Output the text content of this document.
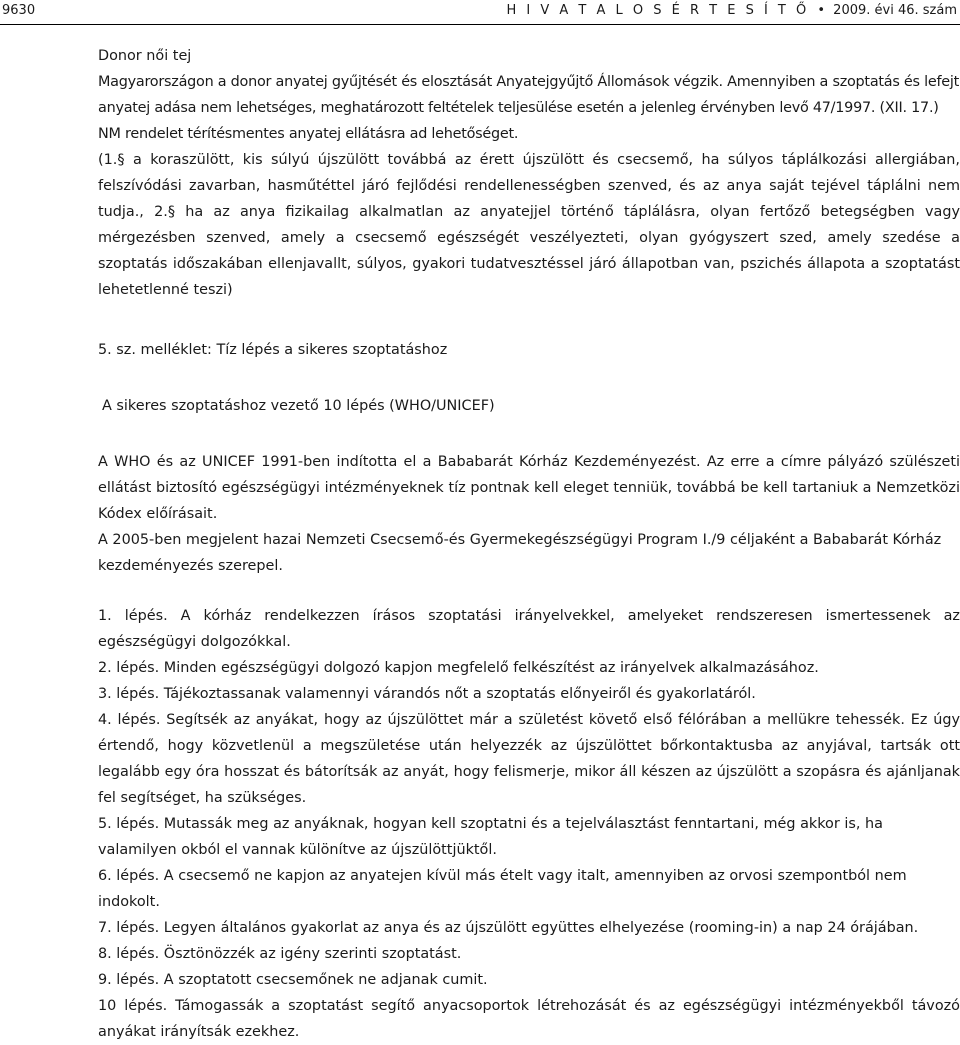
9630	H I V A T A L O S É R T E S Í T Ő • 2009. évi 46. szám

Donor női tej

Magyarországon a donor anyatej gyűjtését és elosztását Anyatejgyűjtő Állomások végzik. Amennyiben a szoptatás és lefejt anyatej adása nem lehetséges, meghatározott feltételek teljesülése esetén a jelenleg érvényben levő 47/1997. (XII. 17.) NM rendelet térítésmentes anyatej ellátásra ad lehetőséget.

(1.§ a koraszülött, kis súlyú újszülött továbbá az érett újszülött és csecsemő, ha súlyos táplálkozási allergiában, felszívódási zavarban, hasműtéttel járó fejlődési rendellenességben szenved, és az anya saját tejével táplálni nem tudja., 2.§ ha az anya fizikailag alkalmatlan az anyatejjel történő táplálásra, olyan fertőző betegségben vagy mérgezésben szenved, amely a csecsemő egészségét veszélyezteti, olyan gyógyszert szed, amely szedése a szoptatás időszakában ellenjavallt, súlyos, gyakori tudatvesztéssel járó állapotban van, pszichés állapota a szoptatást lehetetlenné teszi)

5. sz. melléklet: Tíz lépés a sikeres szoptatáshoz

A sikeres szoptatáshoz vezető 10 lépés (WHO/UNICEF)

A WHO és az UNICEF 1991-ben indította el a Bababarát Kórház Kezdeményezést. Az erre a címre pályázó szülészeti ellátást biztosító egészségügyi intézményeknek tíz pontnak kell eleget tenniük, továbbá be kell tartaniuk a Nemzetközi Kódex előírásait.

A 2005-ben megjelent hazai Nemzeti Csecsemő-és Gyermekegészségügyi Program I./9 céljaként a Bababarát Kórház kezdeményezés szerepel.

1. lépés. A kórház rendelkezzen írásos szoptatási irányelvekkel, amelyeket rendszeresen ismertessenek az egészségügyi dolgozókkal.

2. lépés. Minden egészségügyi dolgozó kapjon megfelelő felkészítést az irányelvek alkalmazásához.

3. lépés. Tájékoztassanak valamennyi várandós nőt a szoptatás előnyeiről és gyakorlatáról.

4. lépés. Segítsék az anyákat, hogy az újszülöttet már a születést követő első félórában a mellükre tehessék. Ez úgy értendő, hogy közvetlenül a megszületése után helyezzék az újszülöttet bőrkontaktusba az anyjával, tartsák ott legalább egy óra hosszat és bátorítsák az anyát, hogy felismerje, mikor áll készen az újszülött a szopásra és ajánljanak fel segítséget, ha szükséges.

5. lépés. Mutassák meg az anyáknak, hogyan kell szoptatni és a tejelválasztást fenntartani, még akkor is, ha valamilyen okból el vannak különítve az újszülöttjüktől.

6. lépés. A csecsemő ne kapjon az anyatejen kívül más ételt vagy italt, amennyiben az orvosi szempontból nem indokolt.

7. lépés. Legyen általános gyakorlat az anya és az újszülött együttes elhelyezése (rooming-in) a nap 24 órájában.

8. lépés. Ösztönözzék az igény szerinti szoptatást.

9. lépés. A szoptatott csecsemőnek ne adjanak cumit.

10 lépés. Támogassák a szoptatást segítő anyacsoportok létrehozását és az egészségügyi intézményekből távozó anyákat irányítsák ezekhez.
